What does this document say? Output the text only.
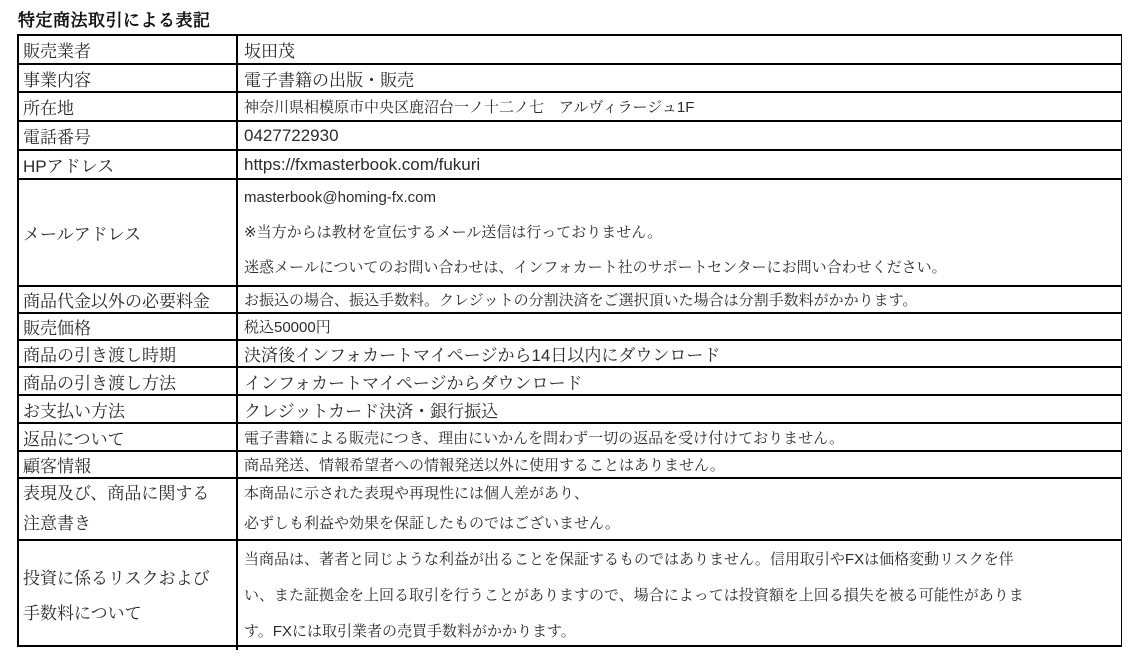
特定商法取引による表記
販売業者	坂田茂

事業内容	電子書籍の出版・販売

所在地	神奈川県相模原市中央区鹿沼台一ノ十二ノ七　アルヴィラージュ1F

電話番号	0427722930

HPアドレス	https://fxmasterbook.com/fukuri

メールアドレス	masterbook@homing-fx.com
※当方からは教材を宣伝するメール送信は行っておりません。
迷惑メールについてのお問い合わせは、インフォカート社のサポートセンターにお問い合わせください。

商品代金以外の必要料金	お振込の場合、振込手数料。クレジットの分割決済をご選択頂いた場合は分割手数料がかかります。

販売価格	税込50000円

商品の引き渡し時期	決済後インフォカートマイページから14日以内にダウンロード

商品の引き渡し方法	インフォカートマイページからダウンロード

お支払い方法	クレジットカード決済・銀行振込

返品について	電子書籍による販売につき、理由にいかんを問わず一切の返品を受け付けておりません。

顧客情報	商品発送、情報希望者への情報発送以外に使用することはありません。

表現及び、商品に関する
注意書き	本商品に示された表現や再現性には個人差があり、
必ずしも利益や効果を保証したものではございません。

投資に係るリスクおよび
手数料について	当商品は、著者と同じような利益が出ることを保証するものではありません。信用取引やFXは価格変動リスクを伴
い、また証拠金を上回る取引を行うことがありますので、場合によっては投資額を上回る損失を被る可能性がありま
す。FXには取引業者の売買手数料がかかります。
